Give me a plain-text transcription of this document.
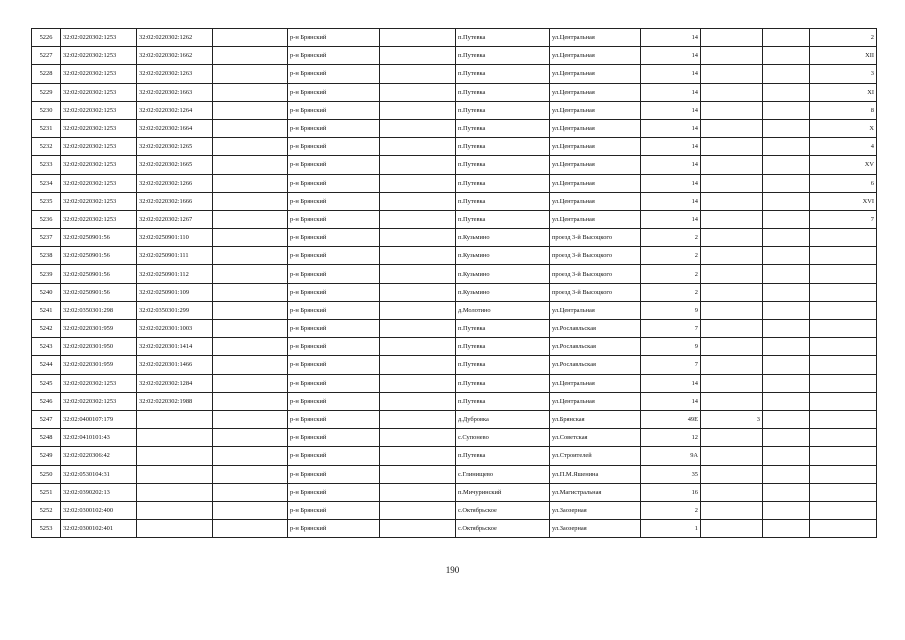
5226	32:02:0220302:1253	32:02:0220302:1262		р-н Брянский		п.Путевка	ул.Центральная	14			2
5227	32:02:0220302:1253	32:02:0220302:1662		р-н Брянский		п.Путевка	ул.Центральная	14			XII
5228	32:02:0220302:1253	32:02:0220302:1263		р-н Брянский		п.Путевка	ул.Центральная	14			3
5229	32:02:0220302:1253	32:02:0220302:1663		р-н Брянский		п.Путевка	ул.Центральная	14			XI
5230	32:02:0220302:1253	32:02:0220302:1264		р-н Брянский		п.Путевка	ул.Центральная	14			8
5231	32:02:0220302:1253	32:02:0220302:1664		р-н Брянский		п.Путевка	ул.Центральная	14			X
5232	32:02:0220302:1253	32:02:0220302:1265		р-н Брянский		п.Путевка	ул.Центральная	14			4
5233	32:02:0220302:1253	32:02:0220302:1665		р-н Брянский		п.Путевка	ул.Центральная	14			XV
5234	32:02:0220302:1253	32:02:0220302:1266		р-н Брянский		п.Путевка	ул.Центральная	14			6
5235	32:02:0220302:1253	32:02:0220302:1666		р-н Брянский		п.Путевка	ул.Центральная	14			XVI
5236	32:02:0220302:1253	32:02:0220302:1267		р-н Брянский		п.Путевка	ул.Центральная	14			7
5237	32:02:0250901:56	32:02:0250901:110		р-н Брянский		п.Кузьмино	проезд 3-й Высоцкого	2			
5238	32:02:0250901:56	32:02:0250901:111		р-н Брянский		п.Кузьмино	проезд 3-й Высоцкого	2			
5239	32:02:0250901:56	32:02:0250901:112		р-н Брянский		п.Кузьмино	проезд 3-й Высоцкого	2			
5240	32:02:0250901:56	32:02:0250901:109		р-н Брянский		п.Кузьмино	проезд 3-й Высоцкого	2			
5241	32:02:0350301:298	32:02:0350301:299		р-н Брянский		д.Молотино	ул.Центральная	9			
5242	32:02:0220301:959	32:02:0220301:1003		р-н Брянский		п.Путевка	ул.Рославльская	7			
5243	32:02:0220301:950	32:02:0220301:1414		р-н Брянский		п.Путевка	ул.Рославльская	9			
5244	32:02:0220301:959	32:02:0220301:1466		р-н Брянский		п.Путевка	ул.Рославльская	7			
5245	32:02:0220302:1253	32:02:0220302:1284		р-н Брянский		п.Путевка	ул.Центральная	14			
5246	32:02:0220302:1253	32:02:0220302:1988		р-н Брянский		п.Путевка	ул.Центральная	14			
5247	32:02:0400107:179			р-н Брянский		д.Дубровка	ул.Брянская	49Е	3		
5248	32:02:0410101:43			р-н Брянский		с.Супонево	ул.Советская	12			
5249	32:02:0220306:42			р-н Брянский		п.Путевка	ул.Строителей	9А			
5250	32:02:0530104:31			р-н Брянский		с.Глинищево	ул.П.М.Яшенина	35			
5251	32:02:0390202:13			р-н Брянский		п.Мичуринский	ул.Магистральная	16			
5252	32:02:0300102:400			р-н Брянский		с.Октябрьское	ул.Заозерная	2			
5253	32:02:0300102:401			р-н Брянский		с.Октябрьское	ул.Заозерная	1			
190
